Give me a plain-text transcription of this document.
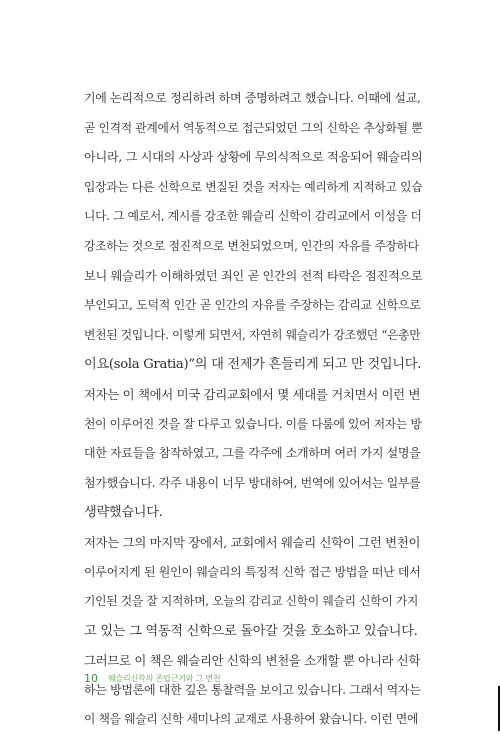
기에 논리적으로 정리하려 하며 증명하려고 했습니다. 이때에 설교,
곧 인격적 관계에서 역동적으로 접근되었던 그의 신학은 추상화될 뿐
아니라, 그 시대의 사상과 상황에 무의식적으로 적응되어 웨슬리의
입장과는 다른 신학으로 변질된 것을 저자는 예리하게 지적하고 있습
니다. 그 예로서, 계시를 강조한 웨슬리 신학이 감리교에서 이성을 더
강조하는 것으로 점진적으로 변천되었으며, 인간의 자유를 주장하다
보니 웨슬리가 이해하였던 죄인 곧 인간의 전적 타락은 점진적으로
부인되고, 도덕적 인간 곧 인간의 자유를 주장하는 감리교 신학으로
변천된 것입니다. 이렇게 되면서, 자연히 웨슬리가 강조했던 “은총만
이요(sola Gratia)”의 대 전제가 흔들리게 되고 만 것입니다.
저자는 이 책에서 미국 감리교회에서 몇 세대를 거치면서 이런 변
천이 이루어진 것을 잘 다루고 있습니다. 이를 다룸에 있어 저자는 방
대한 자료들을 참작하였고, 그를 각주에 소개하며 여러 가지 설명을
첨가했습니다. 각주 내용이 너무 방대하여, 번역에 있어서는 일부를
생략했습니다.
저자는 그의 마지막 장에서, 교회에서 웨슬리 신학이 그런 변천이
이루어지게 된 원인이 웨슬리의 특징적 신학 접근 방법을 떠난 데서
기인된 것을 잘 지적하며, 오늘의 감리교 신학이 웨슬리 신학이 가지
고 있는 그 역동적 신학으로 돌아갈 것을 호소하고 있습니다.
그러므로 이 책은 웨슬리안 신학의 변천을 소개할 뿐 아니라 신학
하는 방법론에 대한 깊은 통찰력을 보이고 있습니다. 그래서 역자는
이 책을 웨슬리 신학 세미나의 교재로 사용하여 왔습니다. 이런 면에
10 웨슬리신학의 존립근거와 그 변천
